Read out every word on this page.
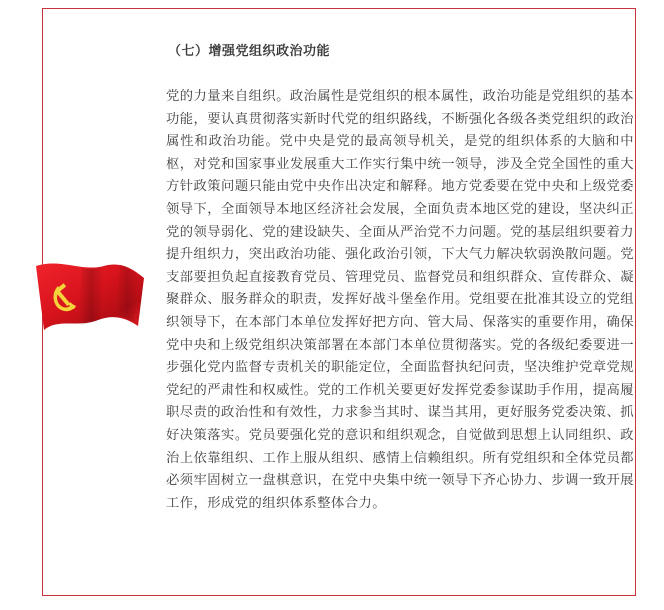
（七）增强党组织政治功能

党的力量来自组织。政治属性是党组织的根本属性，政治功能是党组织的基本功能，要认真贯彻落实新时代党的组织路线，不断强化各级各类党组织的政治属性和政治功能。党中央是党的最高领导机关，是党的组织体系的大脑和中枢，对党和国家事业发展重大工作实行集中统一领导，涉及全党全国性的重大方针政策问题只能由党中央作出决定和解释。地方党委要在党中央和上级党委领导下，全面领导本地区经济社会发展，全面负责本地区党的建设，坚决纠正党的领导弱化、党的建设缺失、全面从严治党不力问题。党的基层组织要着力提升组织力，突出政治功能、强化政治引领，下大气力解决软弱涣散问题。党支部要担负起直接教育党员、管理党员、监督党员和组织群众、宣传群众、凝聚群众、服务群众的职责，发挥好战斗堡垒作用。党组要在批准其设立的党组织领导下，在本部门本单位发挥好把方向、管大局、保落实的重要作用，确保党中央和上级党组织决策部署在本部门本单位贯彻落实。党的各级纪委要进一步强化党内监督专责机关的职能定位，全面监督执纪问责，坚决维护党章党规党纪的严肃性和权威性。党的工作机关要更好发挥党委参谋助手作用，提高履职尽责的政治性和有效性，力求参当其时、谋当其用，更好服务党委决策、抓好决策落实。党员要强化党的意识和组织观念，自觉做到思想上认同组织、政治上依靠组织、工作上服从组织、感情上信赖组织。所有党组织和全体党员都必须牢固树立一盘棋意识，在党中央集中统一领导下齐心协力、步调一致开展工作，形成党的组织体系整体合力。
